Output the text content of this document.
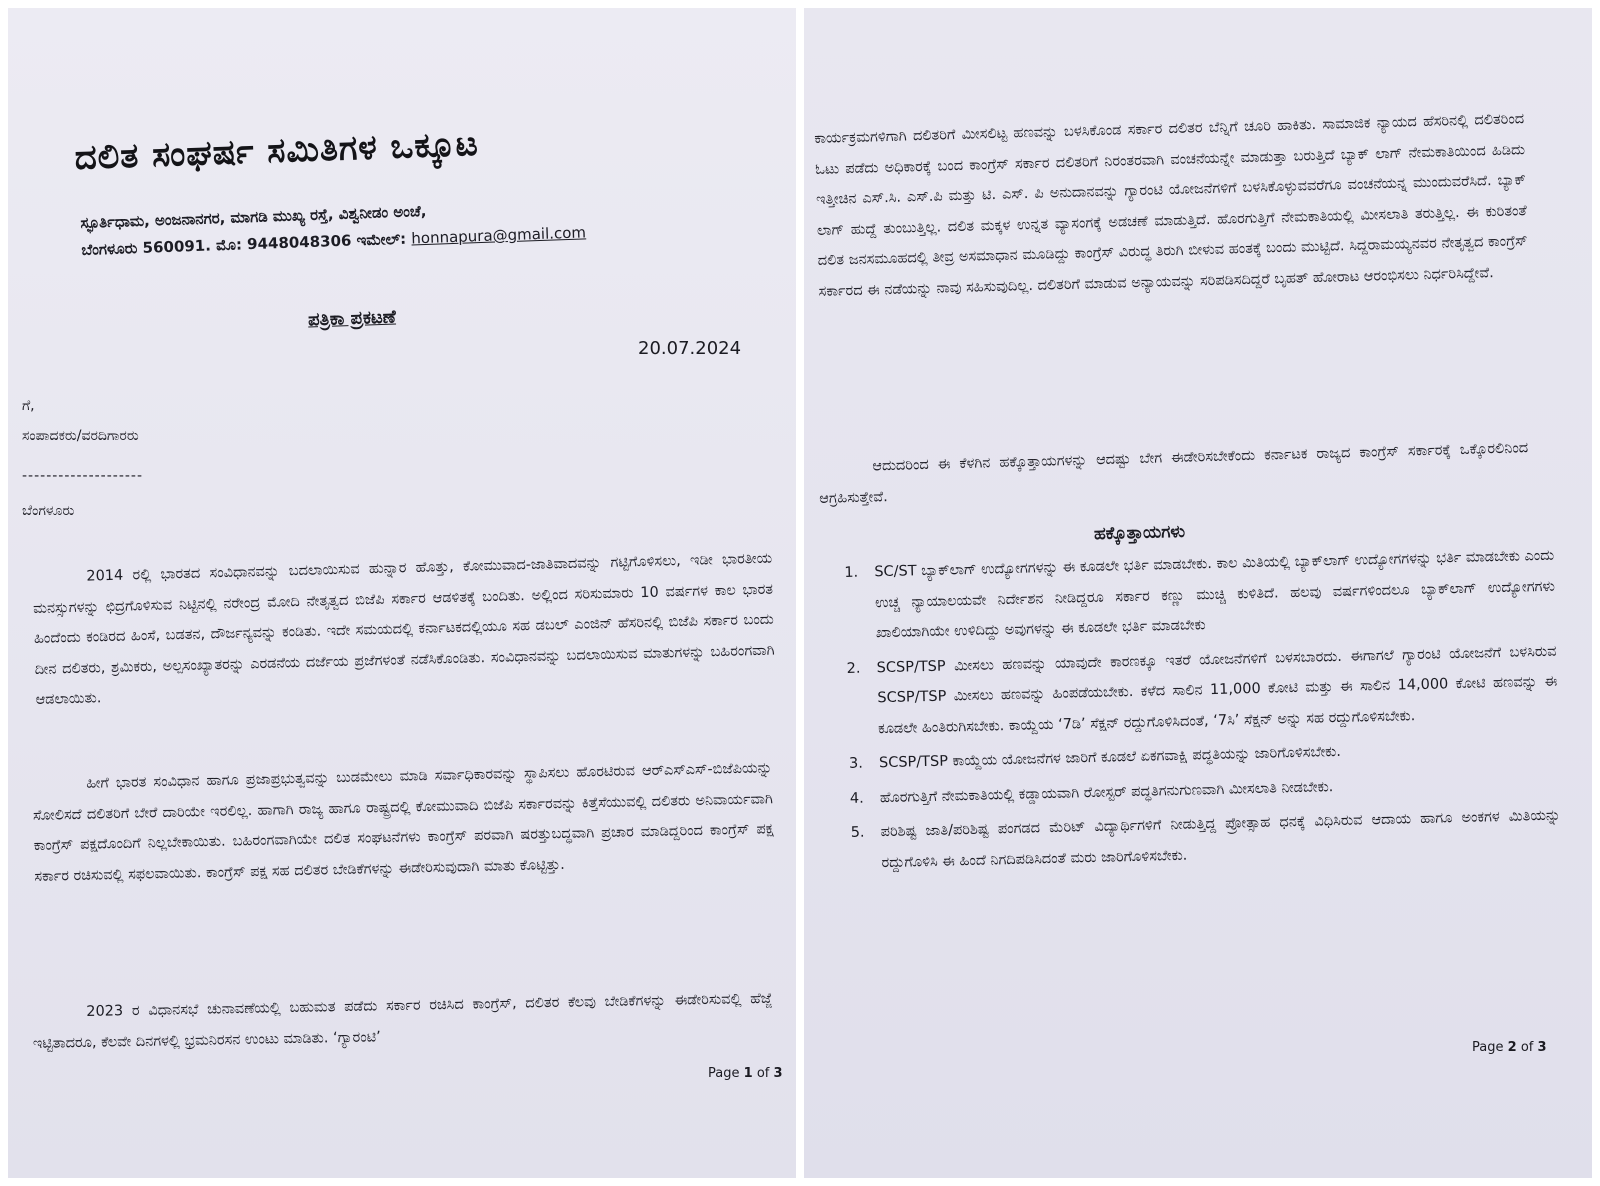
ದಲಿತ ಸಂಘರ್ಷ ಸಮಿತಿಗಳ ಒಕ್ಕೂಟ
ಸ್ಫೂರ್ತಿಧಾಮ, ಅಂಜನಾನಗರ, ಮಾಗಡಿ ಮುಖ್ಯ ರಸ್ತೆ, ವಿಶ್ವನೀಡಂ ಅಂಚೆ,
ಬೆಂಗಳೂರು 560091. ಮೊ: 9448048306 ಇಮೇಲ್: honnapura@gmail.com
ಪತ್ರಿಕಾ ಪ್ರಕಟಣೆ
20.07.2024
ಗೆ,
ಸಂಪಾದಕರು/ವರದಿಗಾರರು
--------------------
ಬೆಂಗಳೂರು
2014 ರಲ್ಲಿ ಭಾರತದ ಸಂವಿಧಾನವನ್ನು ಬದಲಾಯಿಸುವ ಹುನ್ನಾರ ಹೊತ್ತು, ಕೋಮುವಾದ-ಜಾತಿವಾದವನ್ನು ಗಟ್ಟಿಗೊಳಿಸಲು, ಇಡೀ ಭಾರತೀಯ ಮನಸ್ಸುಗಳನ್ನು ಛಿದ್ರಗೊಳಿಸುವ ನಿಟ್ಟಿನಲ್ಲಿ ನರೇಂದ್ರ ಮೋದಿ ನೇತೃತ್ವದ ಬಿಜೆಪಿ ಸರ್ಕಾರ ಆಡಳಿತಕ್ಕೆ ಬಂದಿತು. ಅಲ್ಲಿಂದ ಸರಿಸುಮಾರು 10 ವರ್ಷಗಳ ಕಾಲ ಭಾರತ ಹಿಂದೆಂದು ಕಂಡಿರದ ಹಿಂಸೆ, ಬಡತನ, ದೌರ್ಜನ್ಯವನ್ನು ಕಂಡಿತು. ಇದೇ ಸಮಯದಲ್ಲಿ ಕರ್ನಾಟಕದಲ್ಲಿಯೂ ಸಹ ಡಬಲ್ ಎಂಜಿನ್ ಹೆಸರಿನಲ್ಲಿ ಬಿಜೆಪಿ ಸರ್ಕಾರ ಬಂದು ದೀನ ದಲಿತರು, ಶ್ರಮಿಕರು, ಅಲ್ಪಸಂಖ್ಯಾತರನ್ನು ಎರಡನೆಯ ದರ್ಜೆಯ ಪ್ರಜೆಗಳಂತೆ ನಡೆಸಿಕೊಂಡಿತು. ಸಂವಿಧಾನವನ್ನು ಬದಲಾಯಿಸುವ ಮಾತುಗಳನ್ನು ಬಹಿರಂಗವಾಗಿ ಆಡಲಾಯಿತು.
ಹೀಗೆ ಭಾರತ ಸಂವಿಧಾನ ಹಾಗೂ ಪ್ರಜಾಪ್ರಭುತ್ವವನ್ನು ಬುಡಮೇಲು ಮಾಡಿ ಸರ್ವಾಧಿಕಾರವನ್ನು ಸ್ಥಾಪಿಸಲು ಹೊರಟಿರುವ ಆರ್‌ಎಸ್‌ಎಸ್-ಬಿಜೆಪಿಯನ್ನು ಸೋಲಿಸದೆ ದಲಿತರಿಗೆ ಬೇರೆ ದಾರಿಯೇ ಇರಲಿಲ್ಲ. ಹಾಗಾಗಿ ರಾಜ್ಯ ಹಾಗೂ ರಾಷ್ಟ್ರದಲ್ಲಿ ಕೋಮುವಾದಿ ಬಿಜೆಪಿ ಸರ್ಕಾರವನ್ನು ಕಿತ್ತೆಸೆಯುವಲ್ಲಿ ದಲಿತರು ಅನಿವಾರ್ಯವಾಗಿ ಕಾಂಗ್ರೆಸ್ ಪಕ್ಷದೊಂದಿಗೆ ನಿಲ್ಲಬೇಕಾಯಿತು. ಬಹಿರಂಗವಾಗಿಯೇ ದಲಿತ ಸಂಘಟನೆಗಳು ಕಾಂಗ್ರೆಸ್ ಪರವಾಗಿ ಷರತ್ತುಬದ್ಧವಾಗಿ ಪ್ರಚಾರ ಮಾಡಿದ್ದರಿಂದ ಕಾಂಗ್ರೆಸ್ ಪಕ್ಷ ಸರ್ಕಾರ ರಚಿಸುವಲ್ಲಿ ಸಫಲವಾಯಿತು. ಕಾಂಗ್ರೆಸ್ ಪಕ್ಷ ಸಹ ದಲಿತರ ಬೇಡಿಕೆಗಳನ್ನು ಈಡೇರಿಸುವುದಾಗಿ ಮಾತು ಕೊಟ್ಟಿತ್ತು.
2023 ರ ವಿಧಾನಸಭೆ ಚುನಾವಣೆಯಲ್ಲಿ ಬಹುಮತ ಪಡೆದು ಸರ್ಕಾರ ರಚಿಸಿದ ಕಾಂಗ್ರೆಸ್, ದಲಿತರ ಕೆಲವು ಬೇಡಿಕೆಗಳನ್ನು ಈಡೇರಿಸುವಲ್ಲಿ ಹೆಜ್ಜೆ ಇಟ್ಟಿತಾದರೂ, ಕೆಲವೇ ದಿನಗಳಲ್ಲಿ ಭ್ರಮನಿರಸನ ಉಂಟು ಮಾಡಿತು. ‘ಗ್ಯಾರಂಟಿ’
Page 1 of 3
ಕಾರ್ಯಕ್ರಮಗಳಿಗಾಗಿ ದಲಿತರಿಗೆ ಮೀಸಲಿಟ್ಟ ಹಣವನ್ನು ಬಳಸಿಕೊಂಡ ಸರ್ಕಾರ ದಲಿತರ ಬೆನ್ನಿಗೆ ಚೂರಿ ಹಾಕಿತು. ಸಾಮಾಜಿಕ ನ್ಯಾಯದ ಹೆಸರಿನಲ್ಲಿ ದಲಿತರಿಂದ ಓಟು ಪಡೆದು ಅಧಿಕಾರಕ್ಕೆ ಬಂದ ಕಾಂಗ್ರೆಸ್ ಸರ್ಕಾರ ದಲಿತರಿಗೆ ನಿರಂತರವಾಗಿ ವಂಚನೆಯನ್ನೇ ಮಾಡುತ್ತಾ ಬರುತ್ತಿದೆ ಬ್ಯಾಕ್ ಲಾಗ್ ನೇಮಕಾತಿಯಿಂದ ಹಿಡಿದು ಇತ್ತೀಚಿನ ಎಸ್.ಸಿ. ಎಸ್.ಪಿ ಮತ್ತು ಟಿ. ಎಸ್. ಪಿ ಅನುದಾನವನ್ನು ಗ್ಯಾರಂಟಿ ಯೋಜನೆಗಳಿಗೆ ಬಳಸಿಕೊಳ್ಳುವವರೆಗೂ ವಂಚನೆಯನ್ನ ಮುಂದುವರೆಸಿದೆ. ಬ್ಯಾಕ್ ಲಾಗ್ ಹುದ್ದೆ ತುಂಬುತ್ತಿಲ್ಲ. ದಲಿತ ಮಕ್ಕಳ ಉನ್ನತ ವ್ಯಾಸಂಗಕ್ಕೆ ಅಡಚಣೆ ಮಾಡುತ್ತಿದೆ. ಹೊರಗುತ್ತಿಗೆ ನೇಮಕಾತಿಯಲ್ಲಿ ಮೀಸಲಾತಿ ತರುತ್ತಿಲ್ಲ. ಈ ಕುರಿತಂತೆ ದಲಿತ ಜನಸಮೂಹದಲ್ಲಿ ತೀವ್ರ ಅಸಮಾಧಾನ ಮೂಡಿದ್ದು ಕಾಂಗ್ರೆಸ್ ವಿರುದ್ಧ ತಿರುಗಿ ಬೀಳುವ ಹಂತಕ್ಕೆ ಬಂದು ಮುಟ್ಟಿದೆ. ಸಿದ್ದರಾಮಯ್ಯನವರ ನೇತೃತ್ವದ ಕಾಂಗ್ರೆಸ್ ಸರ್ಕಾರದ ಈ ನಡೆಯನ್ನು ನಾವು ಸಹಿಸುವುದಿಲ್ಲ. ದಲಿತರಿಗೆ ಮಾಡುವ ಅನ್ಯಾಯವನ್ನು ಸರಿಪಡಿಸದಿದ್ದರೆ ಬೃಹತ್ ಹೋರಾಟ ಆರಂಭಿಸಲು ನಿರ್ಧರಿಸಿದ್ದೇವೆ.
ಆದುದರಿಂದ ಈ ಕೆಳಗಿನ ಹಕ್ಕೊತ್ತಾಯಗಳನ್ನು ಆದಷ್ಟು ಬೇಗ ಈಡೇರಿಸಬೇಕೆಂದು ಕರ್ನಾಟಕ ರಾಜ್ಯದ ಕಾಂಗ್ರೆಸ್ ಸರ್ಕಾರಕ್ಕೆ ಒಕ್ಕೊರಲಿನಿಂದ ಆಗ್ರಹಿಸುತ್ತೇವೆ.
ಹಕ್ಕೊತ್ತಾಯಗಳು
1. SC/ST ಬ್ಯಾಕ್‌ಲಾಗ್ ಉದ್ಯೋಗಗಳನ್ನು ಈ ಕೂಡಲೇ ಭರ್ತಿ ಮಾಡಬೇಕು. ಕಾಲ ಮಿತಿಯಲ್ಲಿ ಬ್ಯಾಕ್‌ಲಾಗ್ ಉದ್ಯೋಗಗಳನ್ನು ಭರ್ತಿ ಮಾಡಬೇಕು ಎಂದು ಉಚ್ಚ ನ್ಯಾಯಾಲಯವೇ ನಿರ್ದೇಶನ ನೀಡಿದ್ದರೂ ಸರ್ಕಾರ ಕಣ್ಣು ಮುಚ್ಚಿ ಕುಳಿತಿದೆ. ಹಲವು ವರ್ಷಗಳಿಂದಲೂ ಬ್ಯಾಕ್‌ಲಾಗ್ ಉದ್ಯೋಗಗಳು ಖಾಲಿಯಾಗಿಯೇ ಉಳಿದಿದ್ದು ಅವುಗಳನ್ನು ಈ ಕೂಡಲೇ ಭರ್ತಿ ಮಾಡಬೇಕು
2. SCSP/TSP ಮೀಸಲು ಹಣವನ್ನು ಯಾವುದೇ ಕಾರಣಕ್ಕೂ ಇತರೆ ಯೋಜನೆಗಳಿಗೆ ಬಳಸಬಾರದು. ಈಗಾಗಲೆ ಗ್ಯಾರಂಟಿ ಯೋಜನೆಗೆ ಬಳಸಿರುವ SCSP/TSP ಮೀಸಲು ಹಣವನ್ನು ಹಿಂಪಡೆಯಬೇಕು. ಕಳೆದ ಸಾಲಿನ 11,000 ಕೋಟಿ ಮತ್ತು ಈ ಸಾಲಿನ 14,000 ಕೋಟಿ ಹಣವನ್ನು ಈ ಕೂಡಲೇ ಹಿಂತಿರುಗಿಸಬೇಕು. ಕಾಯ್ದೆಯ ‘7ಡಿ’ ಸೆಕ್ಷನ್ ರದ್ದುಗೊಳಿಸಿದಂತೆ, ‘7ಸಿ’ ಸೆಕ್ಷನ್ ಅನ್ನು ಸಹ ರದ್ದುಗೊಳಿಸಬೇಕು.
3. SCSP/TSP ಕಾಯ್ದೆಯ ಯೋಜನೆಗಳ ಜಾರಿಗೆ ಕೂಡಲೆ ಏಕಗವಾಕ್ಷಿ ಪದ್ಧತಿಯನ್ನು ಜಾರಿಗೊಳಿಸಬೇಕು.
4. ಹೊರಗುತ್ತಿಗೆ ನೇಮಕಾತಿಯಲ್ಲಿ ಕಡ್ಡಾಯವಾಗಿ ರೋಸ್ಟರ್ ಪದ್ಧತಿಗನುಗುಣವಾಗಿ ಮೀಸಲಾತಿ ನೀಡಬೇಕು.
5. ಪರಿಶಿಷ್ಟ ಜಾತಿ/ಪರಿಶಿಷ್ಟ ಪಂಗಡದ ಮೆರಿಟ್ ವಿದ್ಯಾರ್ಥಿಗಳಿಗೆ ನೀಡುತ್ತಿದ್ದ ಪ್ರೋತ್ಸಾಹ ಧನಕ್ಕೆ ವಿಧಿಸಿರುವ ಆದಾಯ ಹಾಗೂ ಅಂಕಗಳ ಮಿತಿಯನ್ನು ರದ್ದುಗೊಳಿಸಿ ಈ ಹಿಂದೆ ನಿಗದಿಪಡಿಸಿದಂತೆ ಮರು ಜಾರಿಗೊಳಿಸಬೇಕು.
Page 2 of 3
